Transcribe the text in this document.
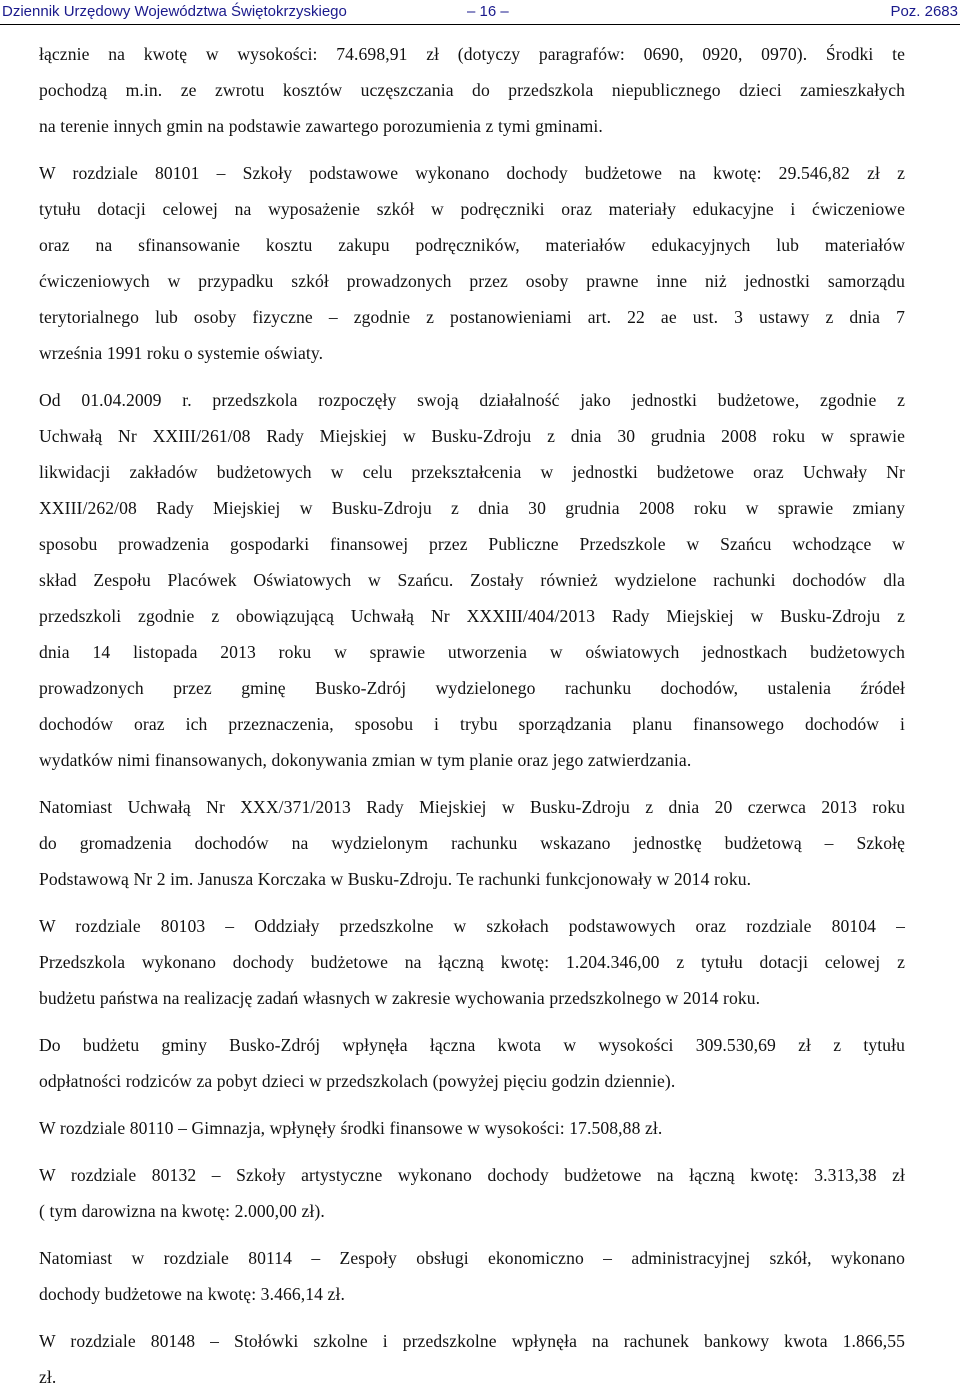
Dziennik Urzędowy Województwa Świętokrzyskiego	– 16 –	Poz. 2683
łącznie na kwotę w wysokości: 74.698,91 zł (dotyczy paragrafów: 0690, 0920, 0970). Środki te
pochodzą m.in. ze zwrotu kosztów uczęszczania do przedszkola niepublicznego dzieci zamieszkałych
na terenie innych gmin na podstawie zawartego porozumienia z tymi gminami.
W rozdziale 80101 – Szkoły podstawowe wykonano dochody budżetowe na kwotę: 29.546,82 zł z
tytułu dotacji celowej na wyposażenie szkół w podręczniki oraz materiały edukacyjne i ćwiczeniowe
oraz na sfinansowanie kosztu zakupu podręczników, materiałów edukacyjnych lub materiałów
ćwiczeniowych w przypadku szkół prowadzonych przez osoby prawne inne niż jednostki samorządu
terytorialnego lub osoby fizyczne – zgodnie z postanowieniami art. 22 ae ust. 3 ustawy z dnia 7
września 1991 roku o systemie oświaty.
Od 01.04.2009 r. przedszkola rozpoczęły swoją działalność jako jednostki budżetowe, zgodnie z
Uchwałą Nr XXIII/261/08 Rady Miejskiej w Busku-Zdroju z dnia 30 grudnia 2008 roku w sprawie
likwidacji zakładów budżetowych w celu przekształcenia w jednostki budżetowe oraz Uchwały Nr
XXIII/262/08 Rady Miejskiej w Busku-Zdroju z dnia 30 grudnia 2008 roku w sprawie zmiany
sposobu prowadzenia gospodarki finansowej przez Publiczne Przedszkole w Szańcu wchodzące w
skład Zespołu Placówek Oświatowych w Szańcu. Zostały również wydzielone rachunki dochodów dla
przedszkoli zgodnie z obowiązującą Uchwałą Nr XXXIII/404/2013 Rady Miejskiej w Busku-Zdroju z
dnia 14 listopada 2013 roku w sprawie utworzenia w oświatowych jednostkach budżetowych
prowadzonych przez gminę Busko-Zdrój wydzielonego rachunku dochodów, ustalenia źródeł
dochodów oraz ich przeznaczenia, sposobu i trybu sporządzania planu finansowego dochodów i
wydatków nimi finansowanych, dokonywania zmian w tym planie oraz jego zatwierdzania.
Natomiast Uchwałą Nr XXX/371/2013 Rady Miejskiej w Busku-Zdroju z dnia 20 czerwca 2013 roku
do gromadzenia dochodów na wydzielonym rachunku wskazano jednostkę budżetową – Szkołę
Podstawową Nr 2 im. Janusza Korczaka w Busku-Zdroju. Te rachunki funkcjonowały w 2014 roku.
W rozdziale 80103 – Oddziały przedszkolne w szkołach podstawowych oraz rozdziale 80104 –
Przedszkola wykonano dochody budżetowe na łączną kwotę: 1.204.346,00 z tytułu dotacji celowej z
budżetu państwa na realizację zadań własnych w zakresie wychowania przedszkolnego w 2014 roku.
Do budżetu gminy Busko-Zdrój wpłynęła łączna kwota w wysokości 309.530,69 zł z tytułu
odpłatności rodziców za pobyt dzieci w przedszkolach (powyżej pięciu godzin dziennie).
W rozdziale 80110 – Gimnazja, wpłynęły środki finansowe w wysokości: 17.508,88 zł.
W rozdziale 80132 – Szkoły artystyczne wykonano dochody budżetowe na łączną kwotę: 3.313,38 zł
( tym darowizna na kwotę: 2.000,00 zł).
Natomiast w rozdziale 80114 – Zespoły obsługi ekonomiczno – administracyjnej szkół, wykonano
dochody budżetowe na kwotę: 3.466,14 zł.
W rozdziale 80148 – Stołówki szkolne i przedszkolne wpłynęła na rachunek bankowy kwota 1.866,55
zł.
